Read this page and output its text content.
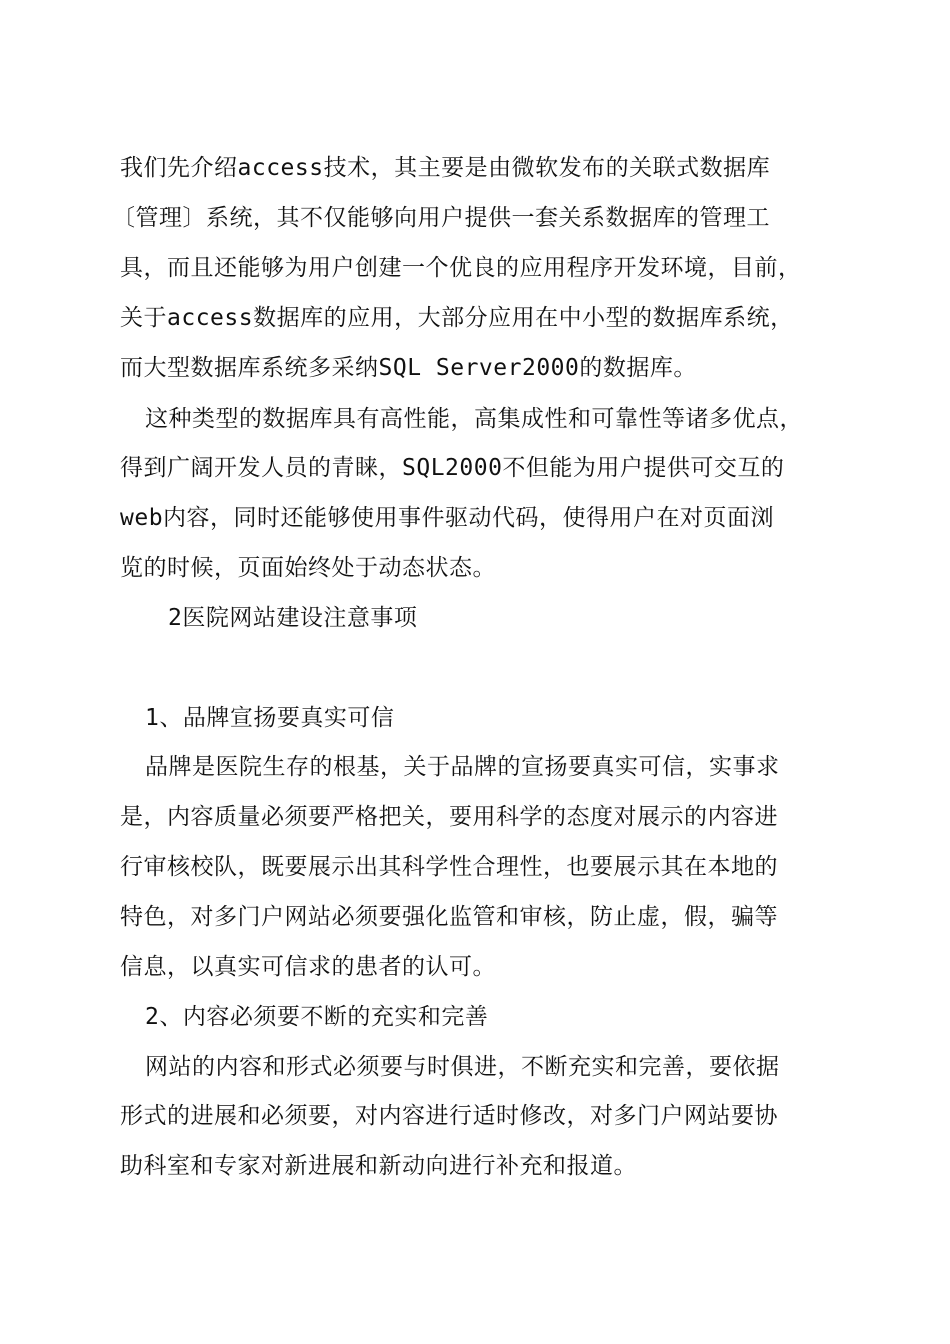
我们先介绍access技术，其主要是由微软发布的关联式数据库
〔管理〕系统，其不仅能够向用户提供一套关系数据库的管理工
具，而且还能够为用户创建一个优良的应用程序开发环境，目前，
关于access数据库的应用，大部分应用在中小型的数据库系统，
而大型数据库系统多采纳SQL Server2000的数据库。
这种类型的数据库具有高性能，高集成性和可靠性等诸多优点，
得到广阔开发人员的青睐，SQL2000不但能为用户提供可交互的
web内容，同时还能够使用事件驱动代码，使得用户在对页面浏
览的时候，页面始终处于动态状态。
2医院网站建设注意事项
1、品牌宣扬要真实可信
品牌是医院生存的根基，关于品牌的宣扬要真实可信，实事求
是，内容质量必须要严格把关，要用科学的态度对展示的内容进
行审核校队，既要展示出其科学性合理性，也要展示其在本地的
特色，对多门户网站必须要强化监管和审核，防止虚，假，骗等
信息，以真实可信求的患者的认可。
2、内容必须要不断的充实和完善
网站的内容和形式必须要与时俱进，不断充实和完善，要依据
形式的进展和必须要，对内容进行适时修改，对多门户网站要协
助科室和专家对新进展和新动向进行补充和报道。
